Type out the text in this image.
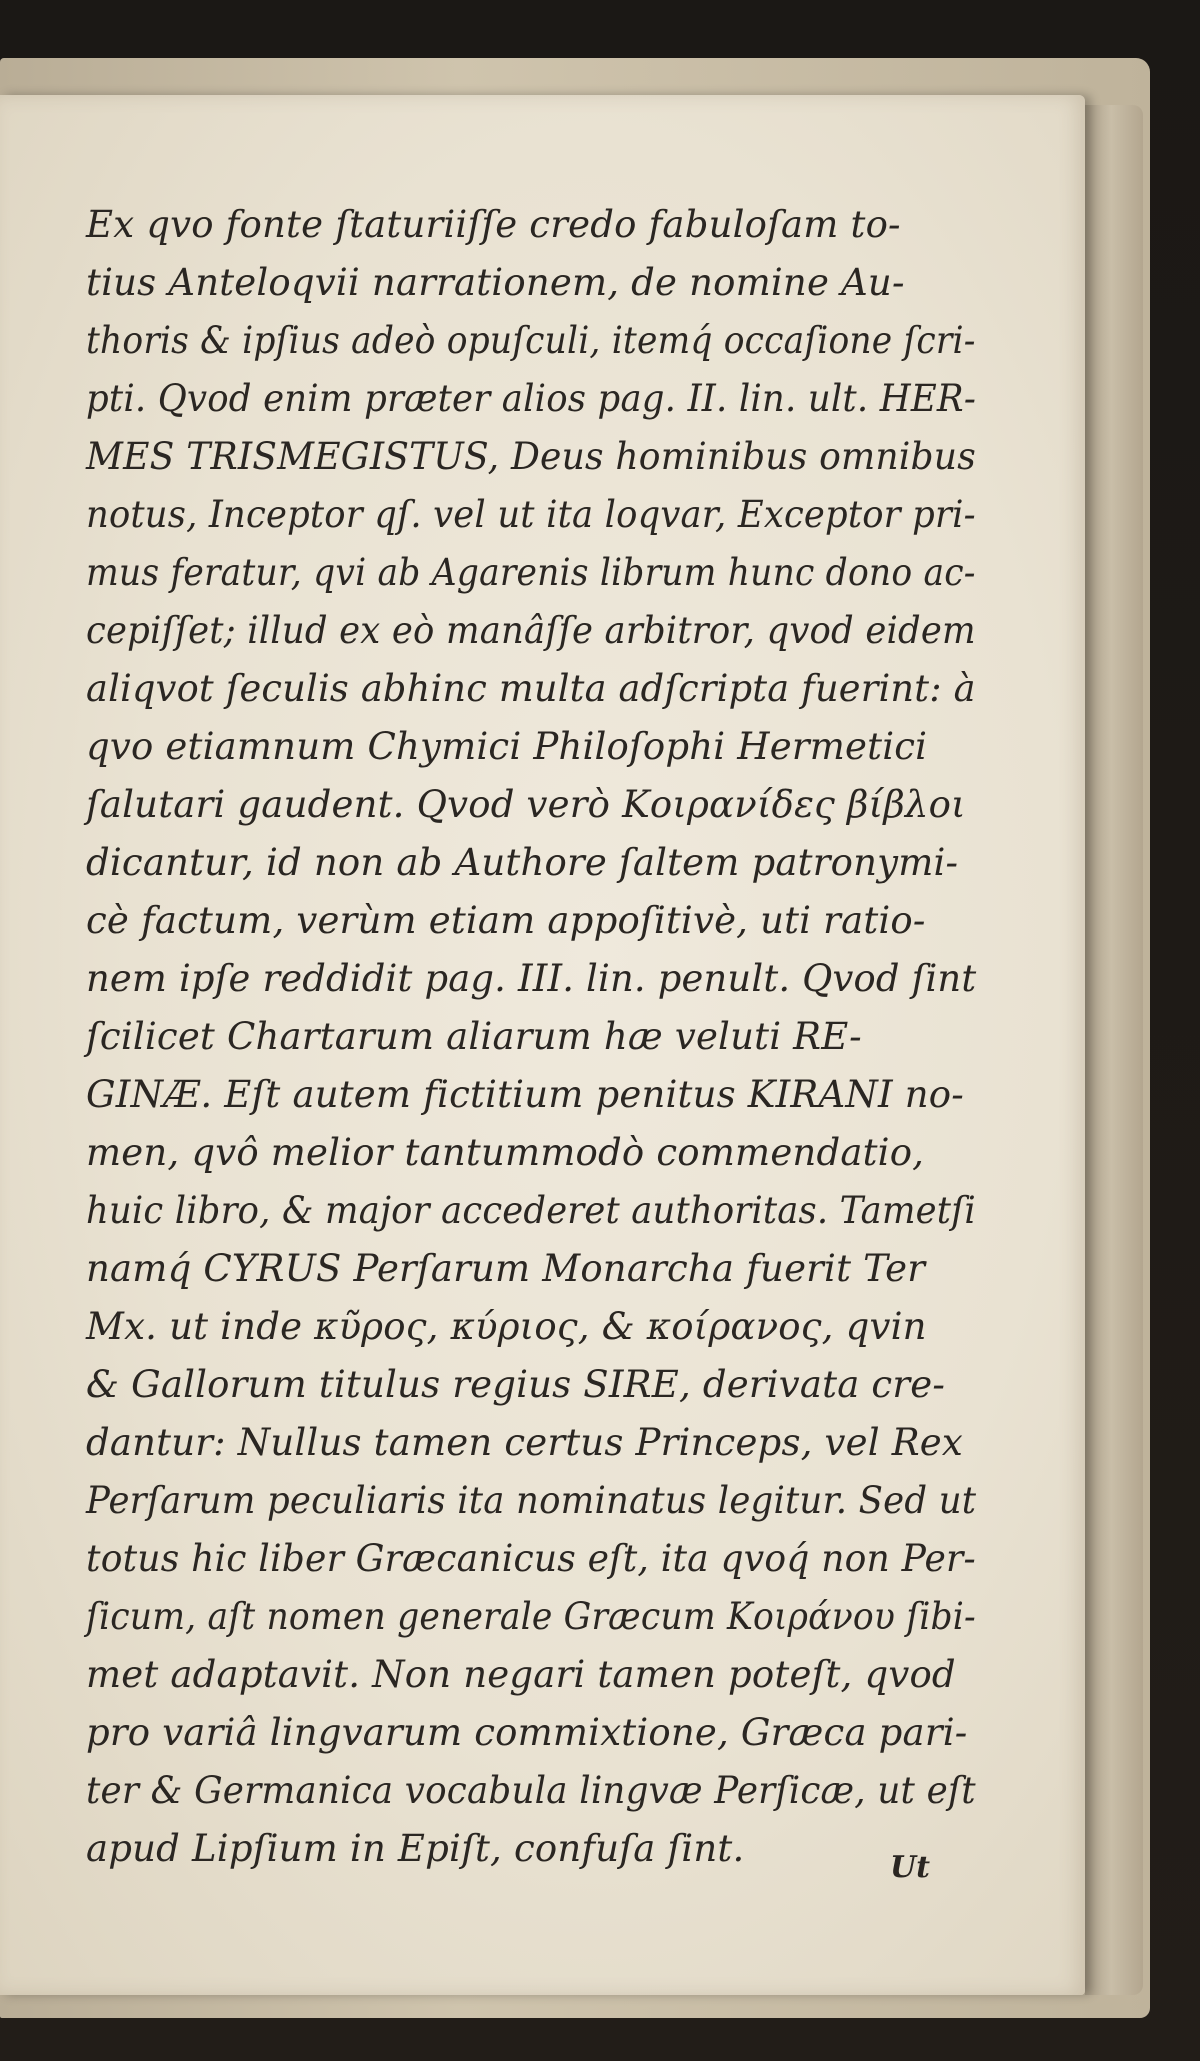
Ex qvo fonte ſtaturiiſſe credo fabuloſam to-
tius Anteloqvii narrationem, de nomine Au-
thoris & ipſius adeò opuſculi, itemq́ occaſione ſcri-
pti. Qvod enim præter alios pag. II. lin. ult. HER-
MES TRISMEGISTUS, Deus hominibus omnibus
notus, Inceptor qſ. vel ut ita loqvar, Exceptor pri-
mus feratur, qvi ab Agarenis librum hunc dono ac-
cepiſſet; illud ex eò manâſſe arbitror, qvod eidem
aliqvot ſeculis abhinc multa adſcripta fuerint: à
qvo etiamnum Chymici Philoſophi Hermetici
ſalutari gaudent. Qvod verò Κοιρανίδες βίβλοι
dicantur, id non ab Authore ſaltem patronymi-
cè factum, verùm etiam appoſitivè, uti ratio-
nem ipſe reddidit pag. III. lin. penult. Qvod ſint
ſcilicet Chartarum aliarum hæ veluti RE-
GINÆ. Eſt autem fictitium penitus KIRANI no-
men, qvô melior tantummodò commendatio,
huic libro, & major accederet authoritas. Tametſi
namq́ CYRUS Perſarum Monarcha fuerit Ter
Mx. ut inde κῦρος, κύριος, & κοίρανος, qvin
& Gallorum titulus regius SIRE, derivata cre-
dantur: Nullus tamen certus Princeps, vel Rex
Perſarum peculiaris ita nominatus legitur. Sed ut
totus hic liber Græcanicus eſt, ita qvoq́ non Per-
ſicum, aſt nomen generale Græcum Κοιράνου ſibi-
met adaptavit. Non negari tamen poteſt, qvod
pro variâ lingvarum commixtione, Græca pari-
ter & Germanica vocabula lingvæ Perſicæ, ut eſt
apud Lipſium in Epiſt, confuſa ſint.	Ut
